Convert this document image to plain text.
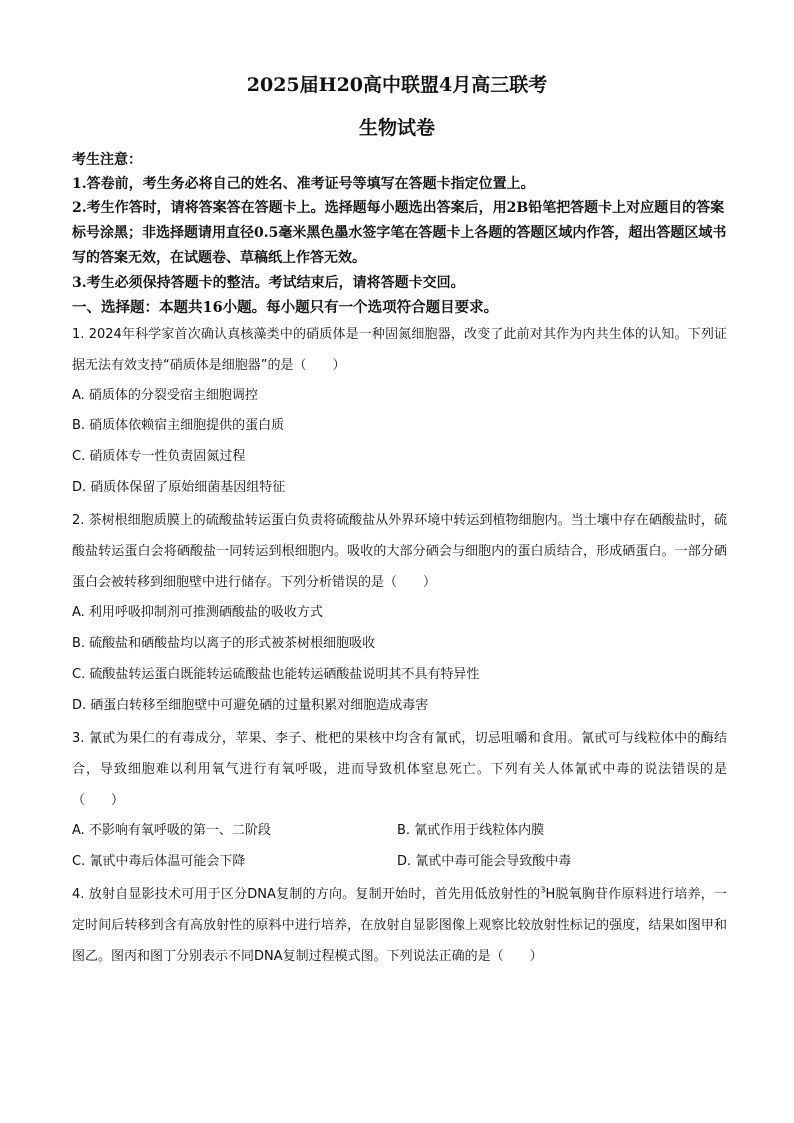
2025届H20高中联盟4月高三联考
生物试卷
考生注意：
1.答卷前，考生务必将自己的姓名、准考证号等填写在答题卡指定位置上。
2.考生作答时，请将答案答在答题卡上。选择题每小题选出答案后，用2B铅笔把答题卡上对应题目的答案标号涂黑；非选择题请用直径0.5毫米黑色墨水签字笔在答题卡上各题的答题区域内作答，超出答题区域书写的答案无效，在试题卷、草稿纸上作答无效。
3.考生必须保持答题卡的整洁。考试结束后，请将答题卡交回。
一、选择题：本题共16小题。每小题只有一个选项符合题目要求。
1. 2024年科学家首次确认真核藻类中的硝质体是一种固氮细胞器，改变了此前对其作为内共生体的认知。下列证据无法有效支持“硝质体是细胞器”的是（　　）
A. 硝质体的分裂受宿主细胞调控
B. 硝质体依赖宿主细胞提供的蛋白质
C. 硝质体专一性负责固氮过程
D. 硝质体保留了原始细菌基因组特征
2. 茶树根细胞质膜上的硫酸盐转运蛋白负责将硫酸盐从外界环境中转运到植物细胞内。当土壤中存在硒酸盐时，硫酸盐转运蛋白会将硒酸盐一同转运到根细胞内。吸收的大部分硒会与细胞内的蛋白质结合，形成硒蛋白。一部分硒蛋白会被转移到细胞壁中进行储存。下列分析错误的是（　　）
A. 利用呼吸抑制剂可推测硒酸盐的吸收方式
B. 硫酸盐和硒酸盐均以离子的形式被茶树根细胞吸收
C. 硫酸盐转运蛋白既能转运硫酸盐也能转运硒酸盐说明其不具有特异性
D. 硒蛋白转移至细胞壁中可避免硒的过量积累对细胞造成毒害
3. 氰甙为果仁的有毒成分，苹果、李子、枇杷的果核中均含有氰甙，切忌咀嚼和食用。氰甙可与线粒体中的酶结合，导致细胞难以利用氧气进行有氧呼吸，进而导致机体窒息死亡。下列有关人体氰甙中毒的说法错误的是（　　）
A. 不影响有氧呼吸的第一、二阶段	B. 氰甙作用于线粒体内膜
C. 氰甙中毒后体温可能会下降	D. 氰甙中毒可能会导致酸中毒
4. 放射自显影技术可用于区分DNA复制的方向。复制开始时，首先用低放射性的$^3$H脱氧胸苷作原料进行培养，一定时间后转移到含有高放射性的原料中进行培养，在放射自显影图像上观察比较放射性标记的强度，结果如图甲和图乙。图丙和图丁分别表示不同DNA复制过程模式图。下列说法正确的是（　　）
